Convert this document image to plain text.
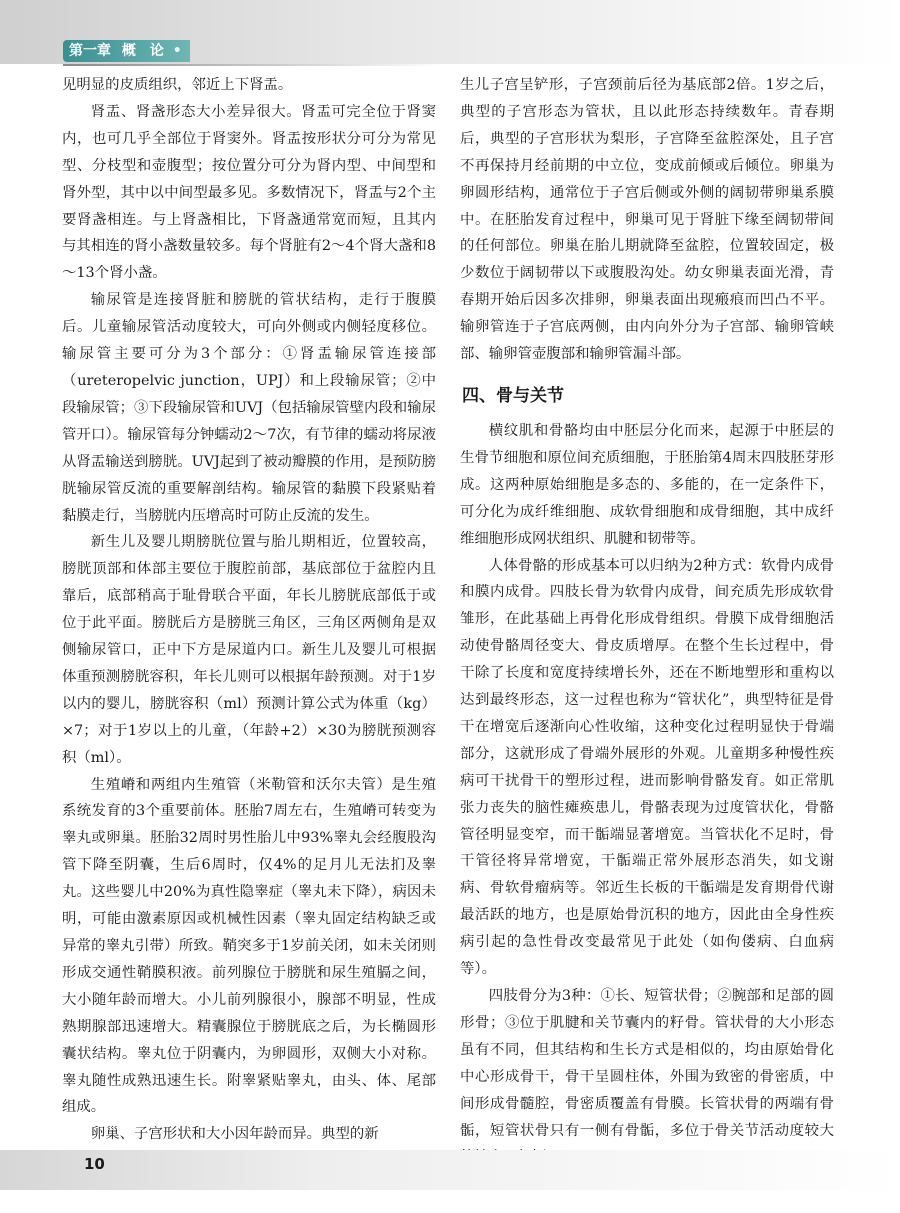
第一章 概　论 •

见明显的皮质组织，邻近上下肾盂。

肾盂、肾盏形态大小差异很大。肾盂可完全位于肾窦内，也可几乎全部位于肾窦外。肾盂按形状分可分为常见型、分枝型和壶腹型；按位置分可分为肾内型、中间型和肾外型，其中以中间型最多见。多数情况下，肾盂与2个主要肾盏相连。与上肾盏相比，下肾盏通常宽而短，且其内与其相连的肾小盏数量较多。每个肾脏有2～4个肾大盏和8～13个肾小盏。

输尿管是连接肾脏和膀胱的管状结构，走行于腹膜后。儿童输尿管活动度较大，可向外侧或内侧轻度移位。输尿管主要可分为3个部分：①肾盂输尿管连接部（ureteropelvic junction，UPJ）和上段输尿管；②中段输尿管；③下段输尿管和UVJ（包括输尿管壁内段和输尿管开口）。输尿管每分钟蠕动2～7次，有节律的蠕动将尿液从肾盂输送到膀胱。UVJ起到了被动瓣膜的作用，是预防膀胱输尿管反流的重要解剖结构。输尿管的黏膜下段紧贴着黏膜走行，当膀胱内压增高时可防止反流的发生。

新生儿及婴儿期膀胱位置与胎儿期相近，位置较高，膀胱顶部和体部主要位于腹腔前部，基底部位于盆腔内且靠后，底部稍高于耻骨联合平面，年长儿膀胱底部低于或位于此平面。膀胱后方是膀胱三角区，三角区两侧角是双侧输尿管口，正中下方是尿道内口。新生儿及婴儿可根据体重预测膀胱容积，年长儿则可以根据年龄预测。对于1岁以内的婴儿，膀胱容积（ml）预测计算公式为体重（kg）×7；对于1岁以上的儿童，（年龄+2）×30为膀胱预测容积（ml）。

生殖嵴和两组内生殖管（米勒管和沃尔夫管）是生殖系统发育的3个重要前体。胚胎7周左右，生殖嵴可转变为睾丸或卵巢。胚胎32周时男性胎儿中93%睾丸会经腹股沟管下降至阴囊，生后6周时，仅4%的足月儿无法扪及睾丸。这些婴儿中20%为真性隐睾症（睾丸未下降），病因未明，可能由激素原因或机械性因素（睾丸固定结构缺乏或异常的睾丸引带）所致。鞘突多于1岁前关闭，如未关闭则形成交通性鞘膜积液。前列腺位于膀胱和尿生殖膈之间，大小随年龄而增大。小儿前列腺很小，腺部不明显，性成熟期腺部迅速增大。精囊腺位于膀胱底之后，为长椭圆形囊状结构。睾丸位于阴囊内，为卵圆形，双侧大小对称。睾丸随性成熟迅速生长。附睾紧贴睾丸，由头、体、尾部组成。

卵巢、子宫形状和大小因年龄而异。典型的新

生儿子宫呈铲形，子宫颈前后径为基底部2倍。1岁之后，典型的子宫形态为管状，且以此形态持续数年。青春期后，典型的子宫形状为梨形，子宫降至盆腔深处，且子宫不再保持月经前期的中立位，变成前倾或后倾位。卵巢为卵圆形结构，通常位于子宫后侧或外侧的阔韧带卵巢系膜中。在胚胎发育过程中，卵巢可见于肾脏下缘至阔韧带间的任何部位。卵巢在胎儿期就降至盆腔，位置较固定，极少数位于阔韧带以下或腹股沟处。幼女卵巢表面光滑，青春期开始后因多次排卵，卵巢表面出现瘢痕而凹凸不平。输卵管连于子宫底两侧，由内向外分为子宫部、输卵管峡部、输卵管壶腹部和输卵管漏斗部。

四、骨与关节

横纹肌和骨骼均由中胚层分化而来，起源于中胚层的生骨节细胞和原位间充质细胞，于胚胎第4周末四肢胚芽形成。这两种原始细胞是多态的、多能的，在一定条件下，可分化为成纤维细胞、成软骨细胞和成骨细胞，其中成纤维细胞形成网状组织、肌腱和韧带等。

人体骨骼的形成基本可以归纳为2种方式：软骨内成骨和膜内成骨。四肢长骨为软骨内成骨，间充质先形成软骨雏形，在此基础上再骨化形成骨组织。骨膜下成骨细胞活动使骨骼周径变大、骨皮质增厚。在整个生长过程中，骨干除了长度和宽度持续增长外，还在不断地塑形和重构以达到最终形态，这一过程也称为“管状化”，典型特征是骨干在增宽后逐渐向心性收缩，这种变化过程明显快于骨端部分，这就形成了骨端外展形的外观。儿童期多种慢性疾病可干扰骨干的塑形过程，进而影响骨骼发育。如正常肌张力丧失的脑性瘫痪患儿，骨骼表现为过度管状化，骨骼管径明显变窄，而干骺端显著增宽。当管状化不足时，骨干管径将异常增宽，干骺端正常外展形态消失，如戈谢病、骨软骨瘤病等。邻近生长板的干骺端是发育期骨代谢最活跃的地方，也是原始骨沉积的地方，因此由全身性疾病引起的急性骨改变最常见于此处（如佝偻病、白血病等）。

四肢骨分为3种：①长、短管状骨；②腕部和足部的圆形骨；③位于肌腱和关节囊内的籽骨。管状骨的大小形态虽有不同，但其结构和生长方式是相似的，均由原始骨化中心形成骨干，骨干呈圆柱体，外围为致密的骨密质，中间形成骨髓腔，骨密质覆盖有骨膜。长管状骨的两端有骨骺，短管状骨只有一侧有骨骺，多位于骨关节活动度较大

10
